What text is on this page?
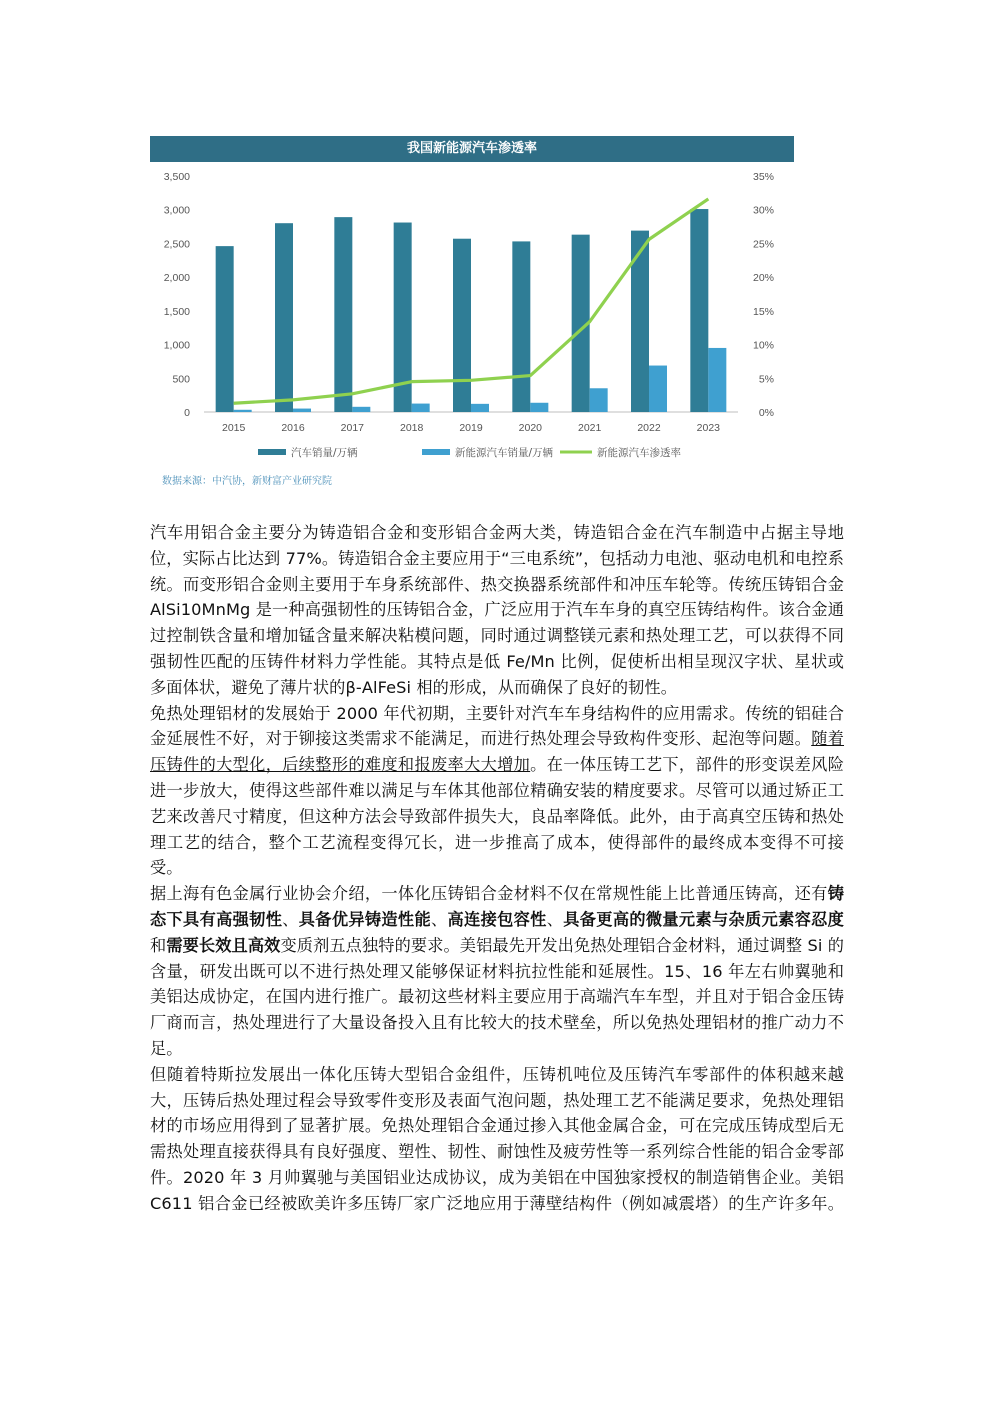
我国新能源汽车渗透率
0
500
1,000
1,500
2,000
2,500
3,000
3,500
0%
5%
10%
15%
20%
25%
30%
35%
2015	2016	2017	2018	2019	2020	2021	2022	2023
汽车销量/万辆	新能源汽车销量/万辆	新能源汽车渗透率
数据来源：中汽协，新财富产业研究院

汽车用铝合金主要分为铸造铝合金和变形铝合金两大类，铸造铝合金在汽车制造中占据主导地位，实际占比达到 77%。铸造铝合金主要应用于“三电系统”，包括动力电池、驱动电机和电控系统。而变形铝合金则主要用于车身系统部件、热交换器系统部件和冲压车轮等。传统压铸铝合金 AlSi10MnMg 是一种高强韧性的压铸铝合金，广泛应用于汽车车身的真空压铸结构件。该合金通过控制铁含量和增加锰含量来解决粘模问题，同时通过调整镁元素和热处理工艺，可以获得不同强韧性匹配的压铸件材料力学性能。其特点是低 Fe/Mn 比例，促使析出相呈现汉字状、星状或多面体状，避免了薄片状的β-AlFeSi 相的形成，从而确保了良好的韧性。

免热处理铝材的发展始于 2000 年代初期，主要针对汽车车身结构件的应用需求。传统的铝硅合金延展性不好，对于铆接这类需求不能满足，而进行热处理会导致构件变形、起泡等问题。随着压铸件的大型化，后续整形的难度和报废率大大增加。在一体压铸工艺下，部件的形变误差风险进一步放大，使得这些部件难以满足与车体其他部位精确安装的精度要求。尽管可以通过矫正工艺来改善尺寸精度，但这种方法会导致部件损失大，良品率降低。此外，由于高真空压铸和热处理工艺的结合，整个工艺流程变得冗长，进一步推高了成本，使得部件的最终成本变得不可接受。

据上海有色金属行业协会介绍，一体化压铸铝合金材料不仅在常规性能上比普通压铸高，还有铸态下具有高强韧性、具备优异铸造性能、高连接包容性、具备更高的微量元素与杂质元素容忍度和需要长效且高效变质剂五点独特的要求。美铝最先开发出免热处理铝合金材料，通过调整 Si 的含量，研发出既可以不进行热处理又能够保证材料抗拉性能和延展性。15、16 年左右帅翼驰和美铝达成协定，在国内进行推广。最初这些材料主要应用于高端汽车车型，并且对于铝合金压铸厂商而言，热处理进行了大量设备投入且有比较大的技术壁垒，所以免热处理铝材的推广动力不足。

但随着特斯拉发展出一体化压铸大型铝合金组件，压铸机吨位及压铸汽车零部件的体积越来越大，压铸后热处理过程会导致零件变形及表面气泡问题，热处理工艺不能满足要求，免热处理铝材的市场应用得到了显著扩展。免热处理铝合金通过掺入其他金属合金，可在完成压铸成型后无需热处理直接获得具有良好强度、塑性、韧性、耐蚀性及疲劳性等一系列综合性能的铝合金零部件。2020 年 3 月帅翼驰与美国铝业达成协议，成为美铝在中国独家授权的制造销售企业。美铝 C611 铝合金已经被欧美许多压铸厂家广泛地应用于薄壁结构件（例如减震塔）的生产许多年。
